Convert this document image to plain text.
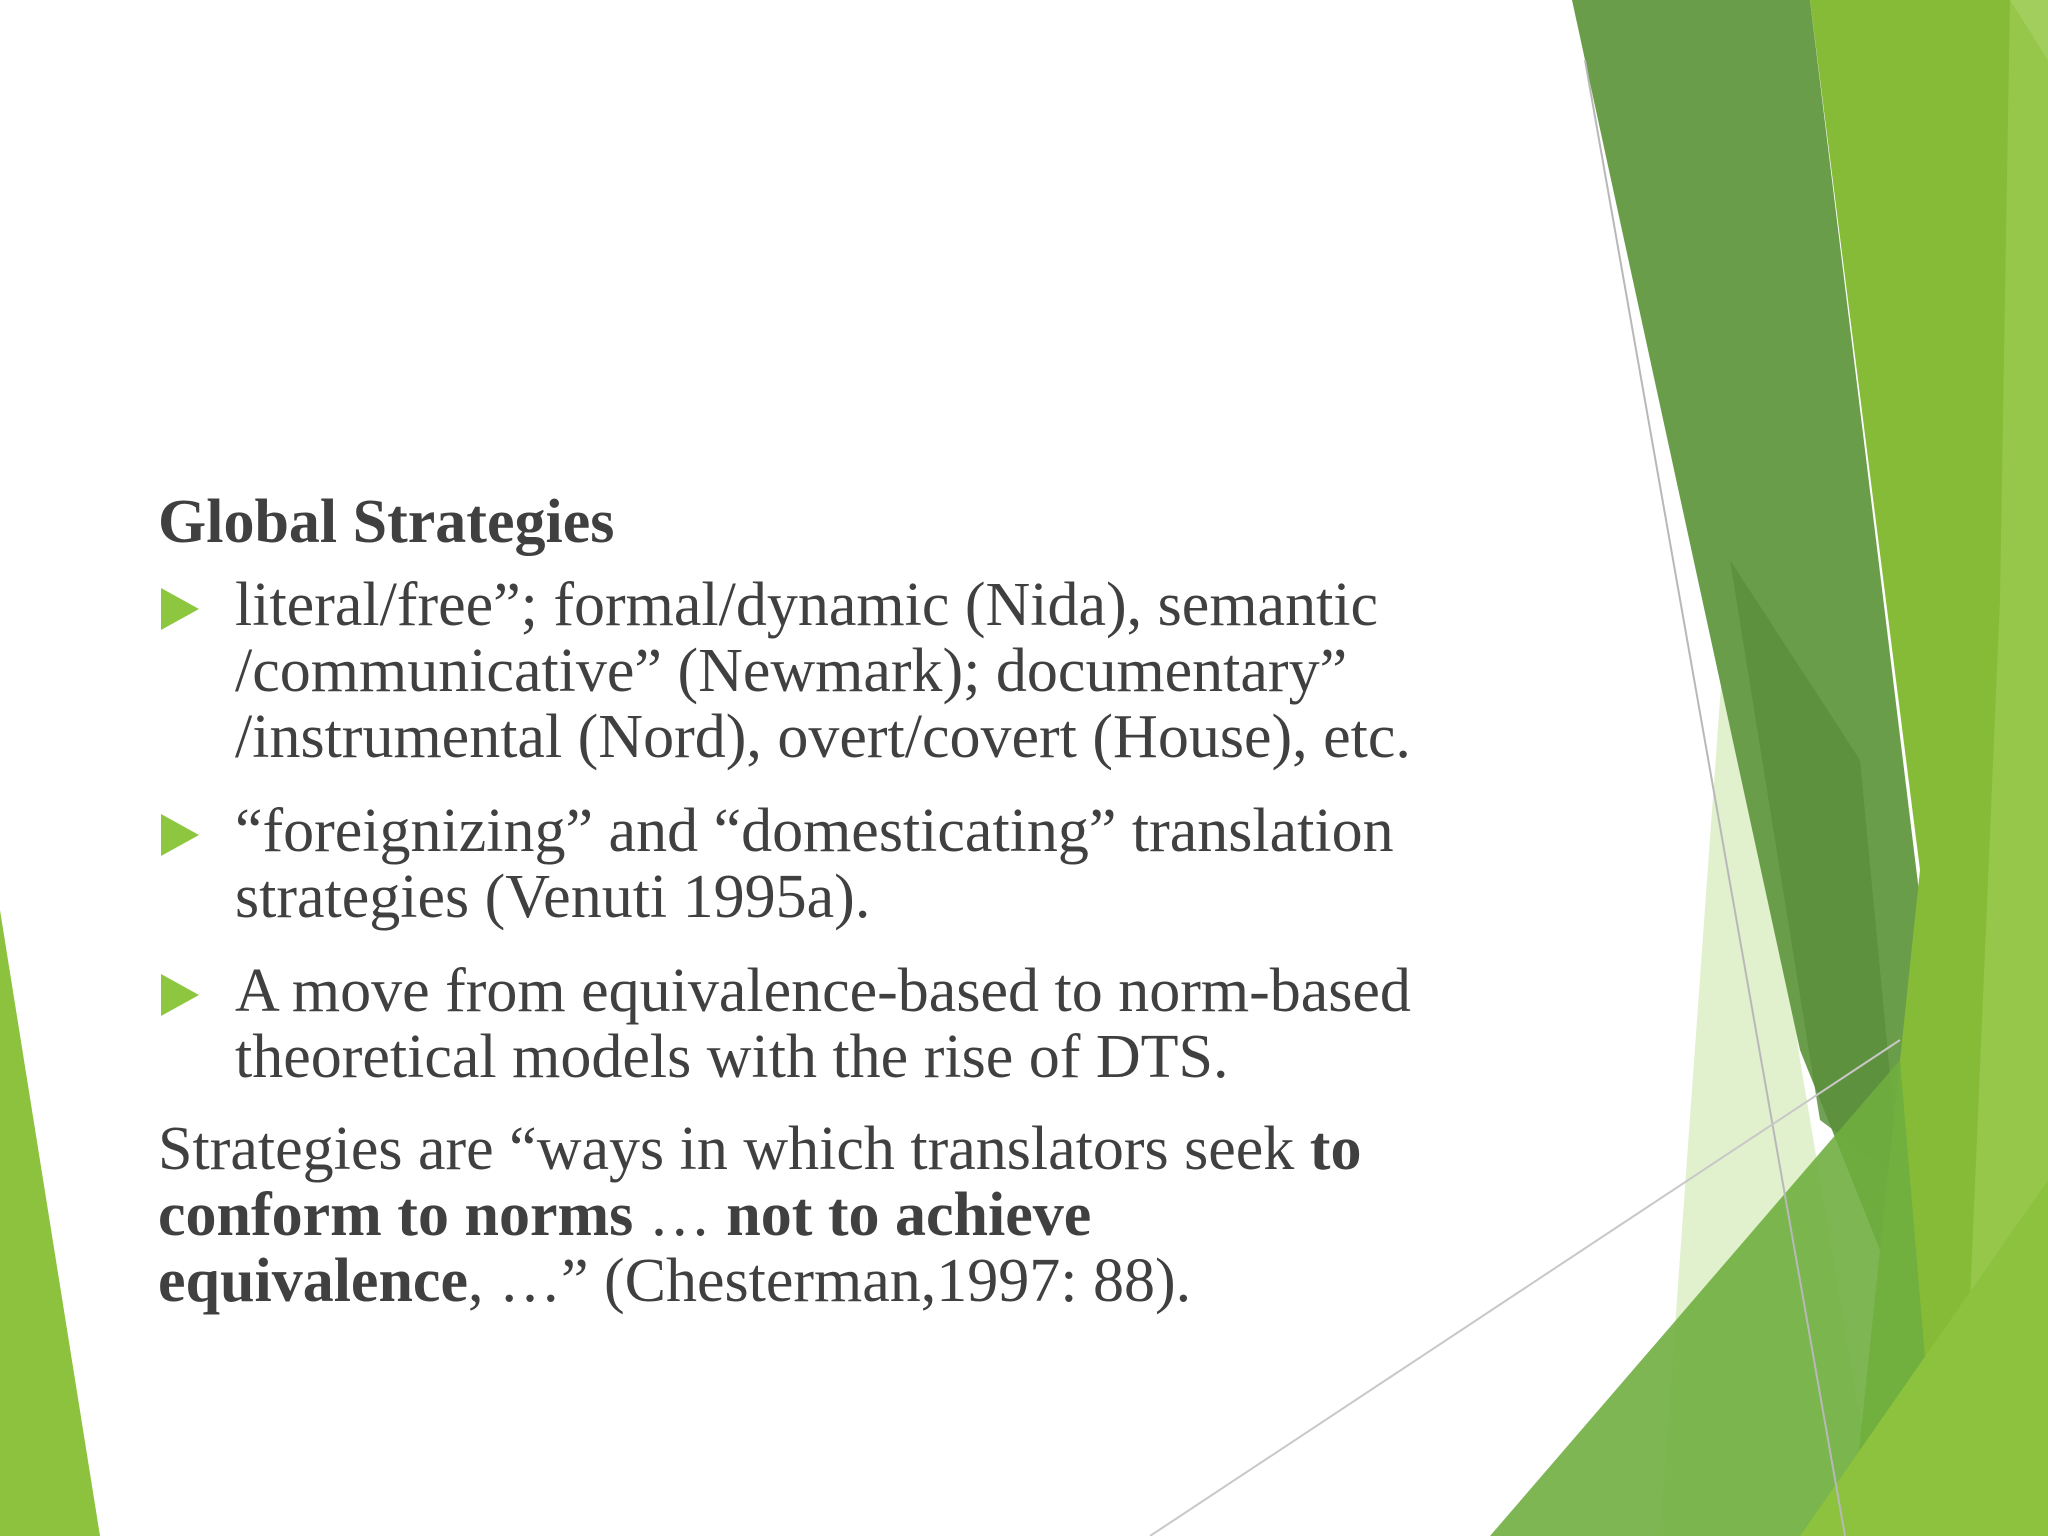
Global Strategies
literal/free”; formal/dynamic (Nida), semantic
/communicative” (Newmark); documentary”
/instrumental (Nord), overt/covert (House), etc.
“foreignizing” and “domesticating” translation
strategies (Venuti 1995a).
A move from equivalence-based to norm-based
theoretical models with the rise of DTS.
Strategies are “ways in which translators seek to
conform to norms … not to achieve
equivalence, …” (Chesterman,1997: 88).
